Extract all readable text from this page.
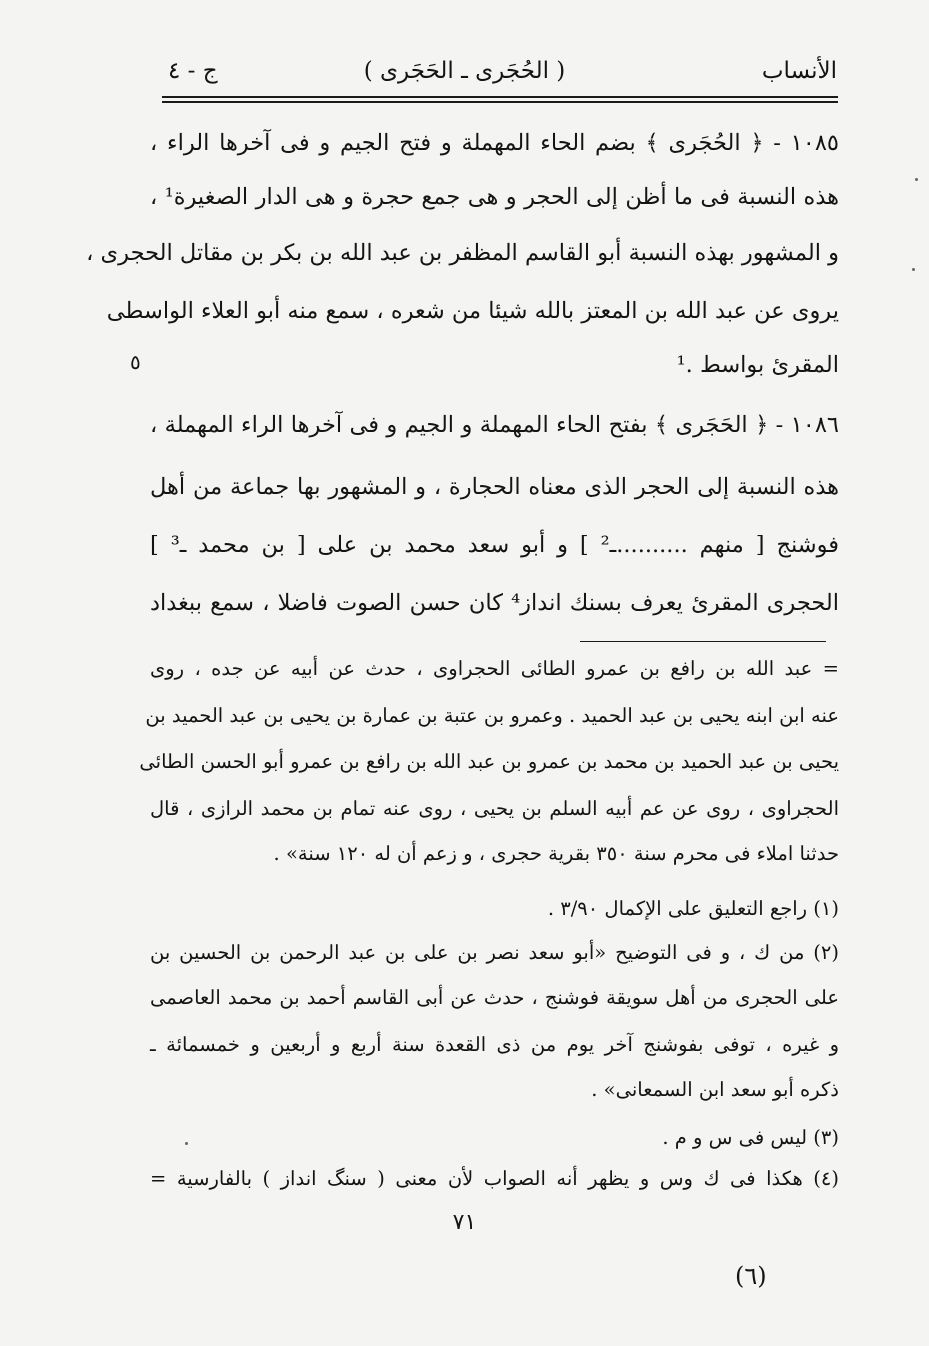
الأنساب
( الحُجَرى ـ الحَجَرى )
ج - ٤
١٠٨٥ - ﴿ الحُجَرى ﴾ بضم الحاء المهملة و فتح الجيم و فى آخرها الراء ،
هذه النسبة فى ما أظن إلى الحجر و هى جمع حجرة و هى الدار الصغيرة¹ ،
و المشهور بهذه النسبة أبو القاسم المظفر بن عبد الله بن بكر بن مقاتل الحجرى ،
يروى عن عبد الله بن المعتز بالله شيئا من شعره ، سمع منه أبو العلاء الواسطى
المقرئ بواسط .¹
١٠٨٦ - ﴿ الحَجَرى ﴾ بفتح الحاء المهملة و الجيم و فى آخرها الراء المهملة ،
هذه النسبة إلى الحجر الذى معناه الحجارة ، و المشهور بها جماعة من أهل
فوشنج [ منهم ..........ـ² ] و أبو سعد محمد بن على [ بن محمد ـ³ ]
الحجرى المقرئ يعرف بسنك انداز⁴ كان حسن الصوت فاضلا ، سمع ببغداد
٥
= عبد الله بن رافع بن عمرو الطائى الحجراوى ، حدث عن أبيه عن جده ، روى
عنه ابن ابنه يحيى بن عبد الحميد . وعمرو بن عتبة بن عمارة بن يحيى بن عبد الحميد بن
يحيى بن عبد الحميد بن محمد بن عمرو بن عبد الله بن رافع بن عمرو أبو الحسن الطائى
الحجراوى ، روى عن عم أبيه السلم بن يحيى ، روى عنه تمام بن محمد الرازى ، قال
حدثنا املاء فى محرم سنة ٣٥٠ بقرية حجرى ، و زعم أن له ١٢٠ سنة» .
(١) راجع التعليق على الإكمال ٣/٩٠ .
(٢) من ك ، و فى التوضيح «أبو سعد نصر بن على بن عبد الرحمن بن الحسين بن
على الحجرى من أهل سويقة فوشنج ، حدث عن أبى القاسم أحمد بن محمد العاصمى
و غيره ، توفى بفوشنج آخر يوم من ذى القعدة سنة أربع و أربعين و خمسمائة ـ
ذكره أبو سعد ابن السمعانى» .
(٣) ليس فى س و م .
(٤) هكذا فى ك وس و يظهر أنه الصواب لأن معنى ( سنگ انداز ) بالفارسية =
٧١
(٦)
